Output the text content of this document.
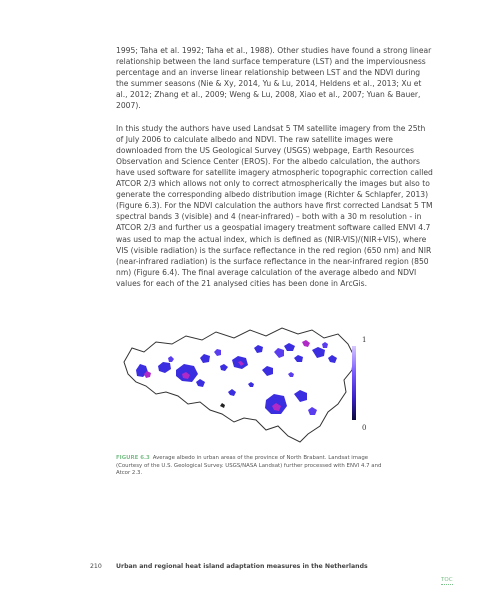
1995; Taha et al. 1992; Taha et al., 1988). Other studies have found a strong linear relationship between the land surface temperature (LST) and the imperviousness percentage and an inverse linear relationship between LST and the NDVI during the summer seasons (Nie & Xy, 2014, Yu & Lu, 2014, Heldens et al., 2013; Xu et al., 2012; Zhang et al., 2009; Weng & Lu, 2008, Xiao et al., 2007; Yuan & Bauer, 2007).

In this study the authors have used Landsat 5 TM satellite imagery from the 25th of July 2006 to calculate albedo and NDVI. The raw satellite images were downloaded from the US Geological Survey (USGS) webpage, Earth Resources Observation and Science Center (EROS). For the albedo calculation, the authors have used software for satellite imagery atmospheric topographic correction called ATCOR 2/3 which allows not only to correct atmospherically the images but also to generate the corresponding albedo distribution image (Richter & Schlapfer, 2013) (Figure 6.3). For the NDVI calculation the authors have first corrected Landsat 5 TM spectral bands 3 (visible) and 4 (near-infrared) – both with a 30 m resolution - in ATCOR 2/3 and further us a geospatial imagery treatment software called ENVI 4.7 was used to map the actual index, which is defined as (NIR-VIS)/(NIR+VIS), where VIS (visible radiation) is the surface reflectance in the red region (650 nm) and NIR (near-infrared radiation) is the surface reflectance in the near-infrared region (850 nm) (Figure 6.4). The final average calculation of the average albedo and NDVI values for each of the 21 analysed cities has been done in ArcGis.

1
0
FIGURE 6.3 Average albedo in urban areas of the province of North Brabant. Landsat image (Courtesy of the U.S. Geological Survey. USGS/NASA Landsat) further processed with ENVI 4.7 and Atcor 2.3.
210 Urban and regional heat island adaptation measures in the Netherlands
TOC
